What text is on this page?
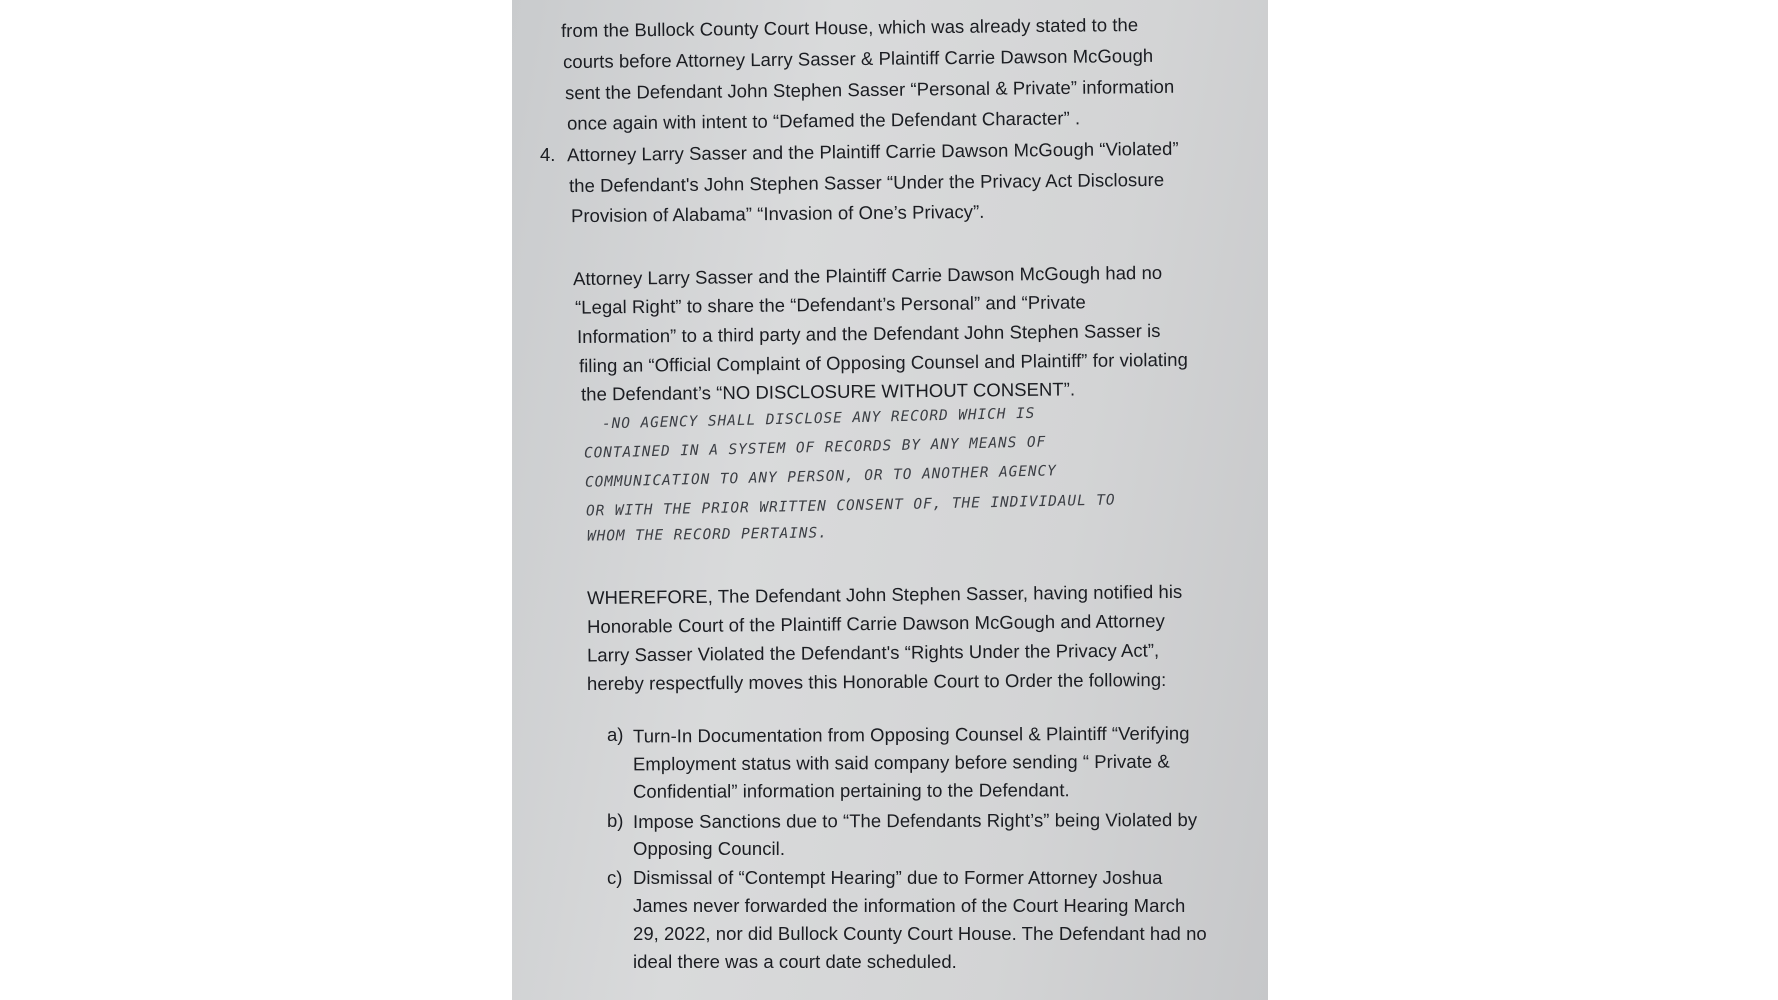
from the Bullock County Court House, which was already stated to the
courts before Attorney Larry Sasser & Plaintiff Carrie Dawson McGough
sent the Defendant John Stephen Sasser “Personal & Private” information
once again with intent to “Defamed the Defendant Character” .
4. Attorney Larry Sasser and the Plaintiff Carrie Dawson McGough “Violated”
the Defendant's John Stephen Sasser “Under the Privacy Act Disclosure
Provision of Alabama” “Invasion of One’s Privacy”.
Attorney Larry Sasser and the Plaintiff Carrie Dawson McGough had no
“Legal Right” to share the “Defendant’s Personal” and “Private
Information” to a third party and the Defendant John Stephen Sasser is
filing an “Official Complaint of Opposing Counsel and Plaintiff” for violating
the Defendant’s “NO DISCLOSURE WITHOUT CONSENT”.
-NO AGENCY SHALL DISCLOSE ANY RECORD WHICH IS
CONTAINED IN A SYSTEM OF RECORDS BY ANY MEANS OF
COMMUNICATION TO ANY PERSON, OR TO ANOTHER AGENCY
OR WITH THE PRIOR WRITTEN CONSENT OF, THE INDIVIDAUL TO
WHOM THE RECORD PERTAINS.
WHEREFORE, The Defendant John Stephen Sasser, having notified his
Honorable Court of the Plaintiff Carrie Dawson McGough and Attorney
Larry Sasser Violated the Defendant's “Rights Under the Privacy Act”,
hereby respectfully moves this Honorable Court to Order the following:
a) Turn-In Documentation from Opposing Counsel & Plaintiff “Verifying
Employment status with said company before sending “ Private &
Confidential” information pertaining to the Defendant.
b) Impose Sanctions due to “The Defendants Right’s” being Violated by
Opposing Council.
c) Dismissal of “Contempt Hearing” due to Former Attorney Joshua
James never forwarded the information of the Court Hearing March
29, 2022, nor did Bullock County Court House. The Defendant had no
ideal there was a court date scheduled.
